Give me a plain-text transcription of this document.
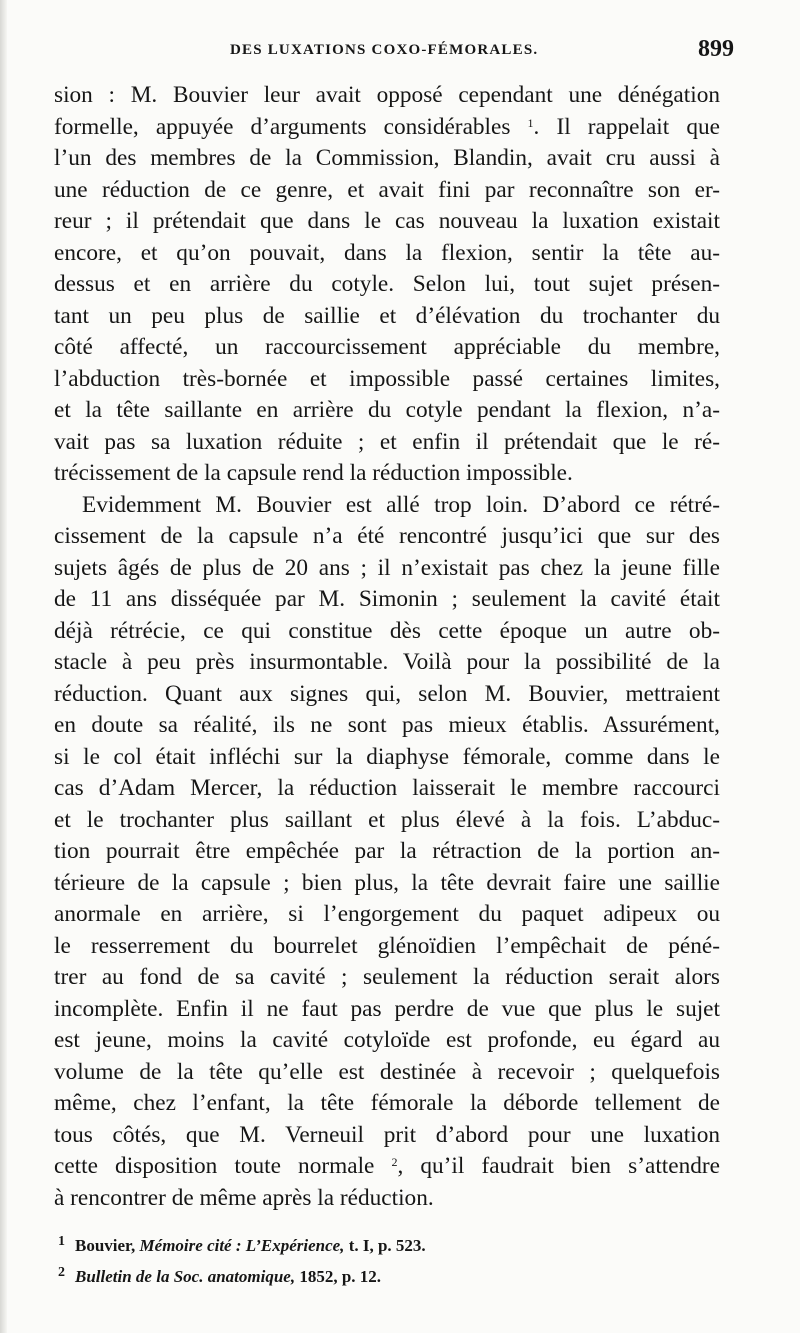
DES LUXATIONS COXO-FÉMORALES.	899
sion : M. Bouvier leur avait opposé cependant une dénégation
formelle, appuyée d’arguments considérables $^1$. Il rappelait que
l’un des membres de la Commission, Blandin, avait cru aussi à
une réduction de ce genre, et avait fini par reconnaître son er-
reur ; il prétendait que dans le cas nouveau la luxation existait
encore, et qu’on pouvait, dans la flexion, sentir la tête au-
dessus et en arrière du cotyle. Selon lui, tout sujet présen-
tant un peu plus de saillie et d’élévation du trochanter du
côté affecté, un raccourcissement appréciable du membre,
l’abduction très-bornée et impossible passé certaines limites,
et la tête saillante en arrière du cotyle pendant la flexion, n’a-
vait pas sa luxation réduite ; et enfin il prétendait que le ré-
trécissement de la capsule rend la réduction impossible.
Evidemment M. Bouvier est allé trop loin. D’abord ce rétré-
cissement de la capsule n’a été rencontré jusqu’ici que sur des
sujets âgés de plus de 20 ans ; il n’existait pas chez la jeune fille
de 11 ans disséquée par M. Simonin ; seulement la cavité était
déjà rétrécie, ce qui constitue dès cette époque un autre ob-
stacle à peu près insurmontable. Voilà pour la possibilité de la
réduction. Quant aux signes qui, selon M. Bouvier, mettraient
en doute sa réalité, ils ne sont pas mieux établis. Assurément,
si le col était infléchi sur la diaphyse fémorale, comme dans le
cas d’Adam Mercer, la réduction laisserait le membre raccourci
et le trochanter plus saillant et plus élevé à la fois. L’abduc-
tion pourrait être empêchée par la rétraction de la portion an-
térieure de la capsule ; bien plus, la tête devrait faire une saillie
anormale en arrière, si l’engorgement du paquet adipeux ou
le resserrement du bourrelet glénoïdien l’empêchait de péné-
trer au fond de sa cavité ; seulement la réduction serait alors
incomplète. Enfin il ne faut pas perdre de vue que plus le sujet
est jeune, moins la cavité cotyloïde est profonde, eu égard au
volume de la tête qu’elle est destinée à recevoir ; quelquefois
même, chez l’enfant, la tête fémorale la déborde tellement de
tous côtés, que M. Verneuil prit d’abord pour une luxation
cette disposition toute normale $^2$, qu’il faudrait bien s’attendre
à rencontrer de même après la réduction.
$^1$ Bouvier, Mémoire cité : L’Expérience, t. I, p. 523.
$^2$ Bulletin de la Soc. anatomique, 1852, p. 12.
